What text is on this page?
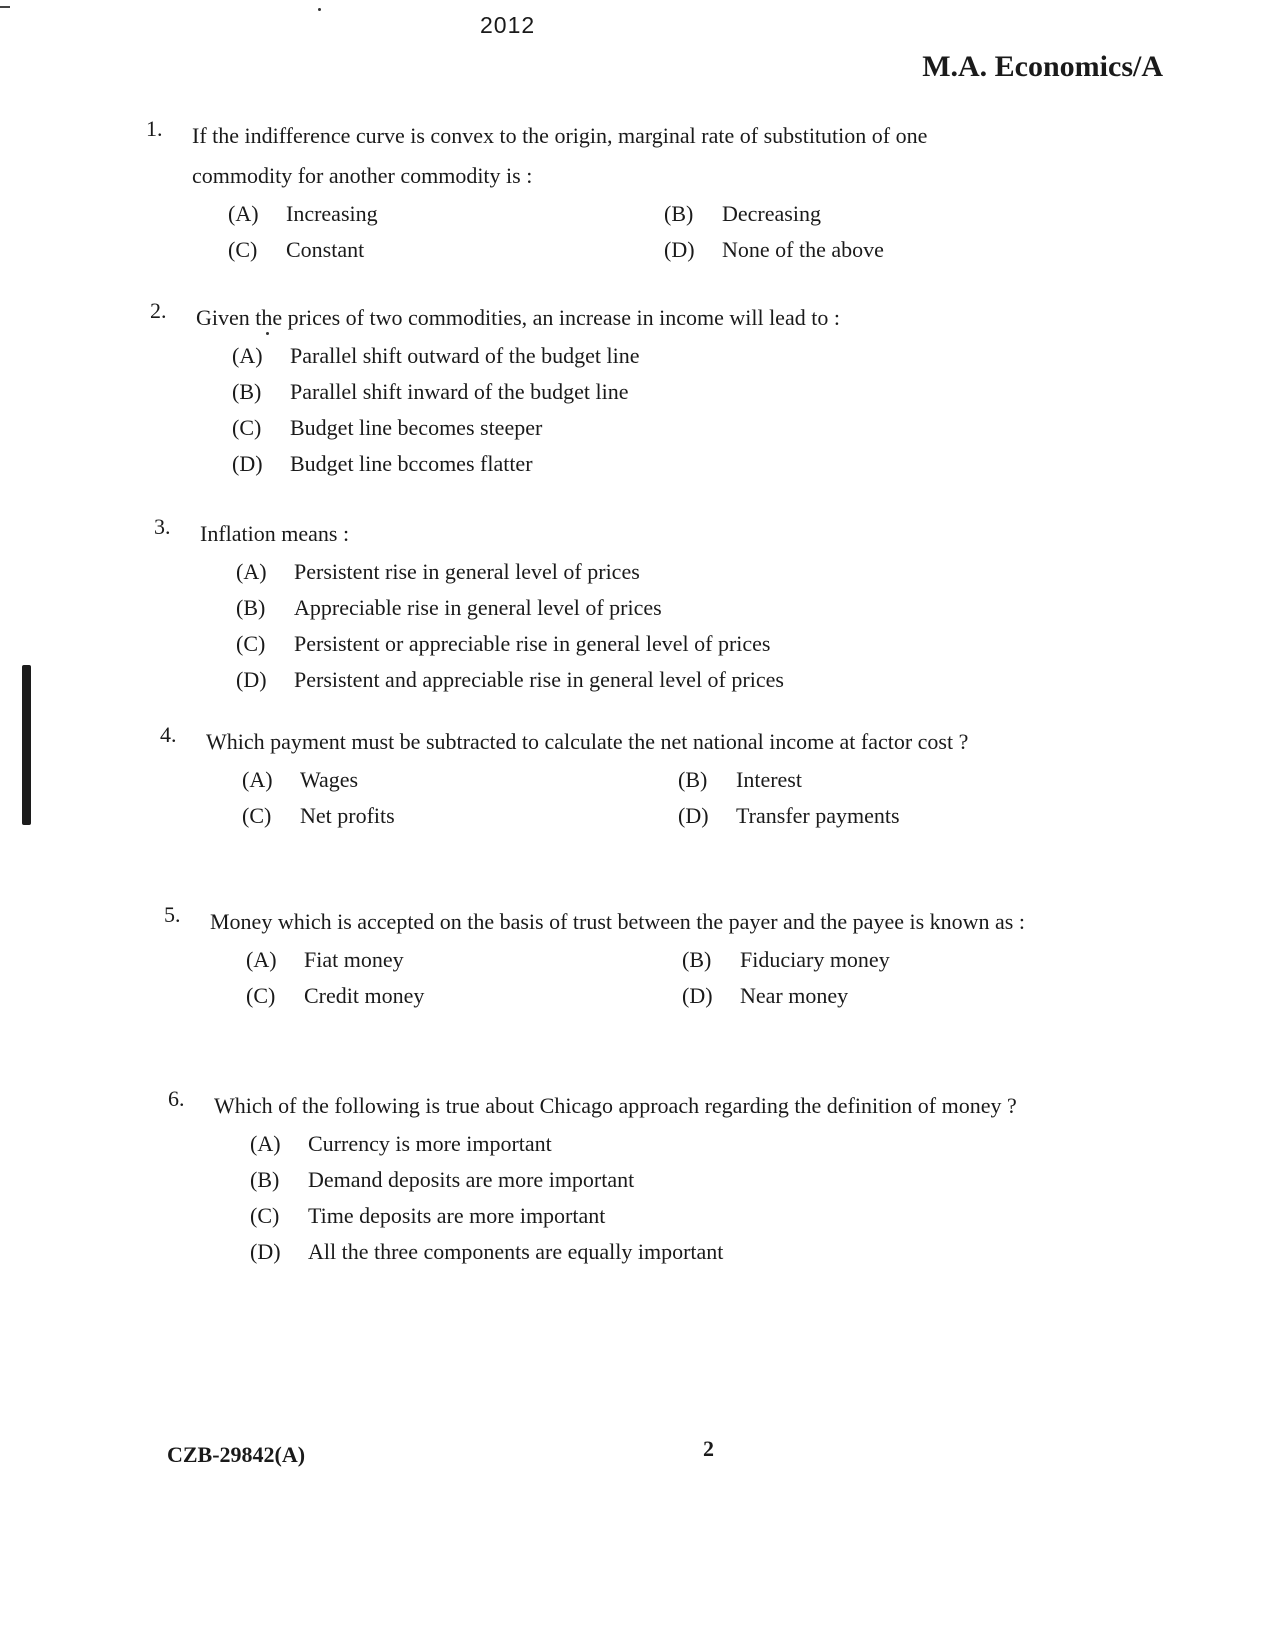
2012
M.A. Economics/A
1. If the indifference curve is convex to the origin, marginal rate of substitution of one commodity for another commodity is :

(A) Increasing	(B) Decreasing
(C) Constant	(D) None of the above
2. Given the prices of two commodities, an increase in income will lead to :

(A) Parallel shift outward of the budget line
(B) Parallel shift inward of the budget line
(C) Budget line becomes steeper
(D) Budget line bccomes flatter
3. Inflation means :

(A) Persistent rise in general level of prices
(B) Appreciable rise in general level of prices
(C) Persistent or appreciable rise in general level of prices
(D) Persistent and appreciable rise in general level of prices
4. Which payment must be subtracted to calculate the net national income at factor cost ?

(A) Wages	(B) Interest
(C) Net profits	(D) Transfer payments
5. Money which is accepted on the basis of trust between the payer and the payee is known as :

(A) Fiat money	(B) Fiduciary money
(C) Credit money	(D) Near money
6. Which of the following is true about Chicago approach regarding the definition of money ?

(A) Currency is more important
(B) Demand deposits are more important
(C) Time deposits are more important
(D) All the three components are equally important
CZB-29842(A)	2
